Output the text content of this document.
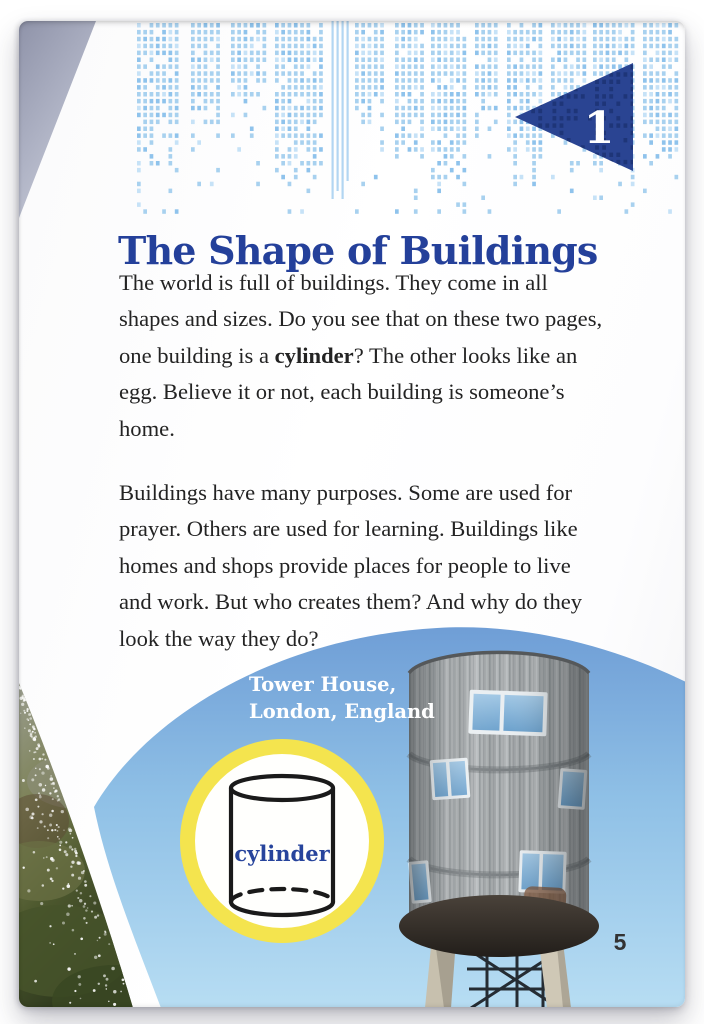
1
The Shape of Buildings

The world is full of buildings. They come in all shapes and sizes. Do you see that on these two pages, one building is a cylinder? The other looks like an egg. Believe it or not, each building is someone’s home.

Buildings have many purposes. Some are used for prayer. Others are used for learning. Buildings like homes and shops provide places for people to live and work. But who creates them? And why do they look the way they do?

Tower House,
London, England
cylinder
5
